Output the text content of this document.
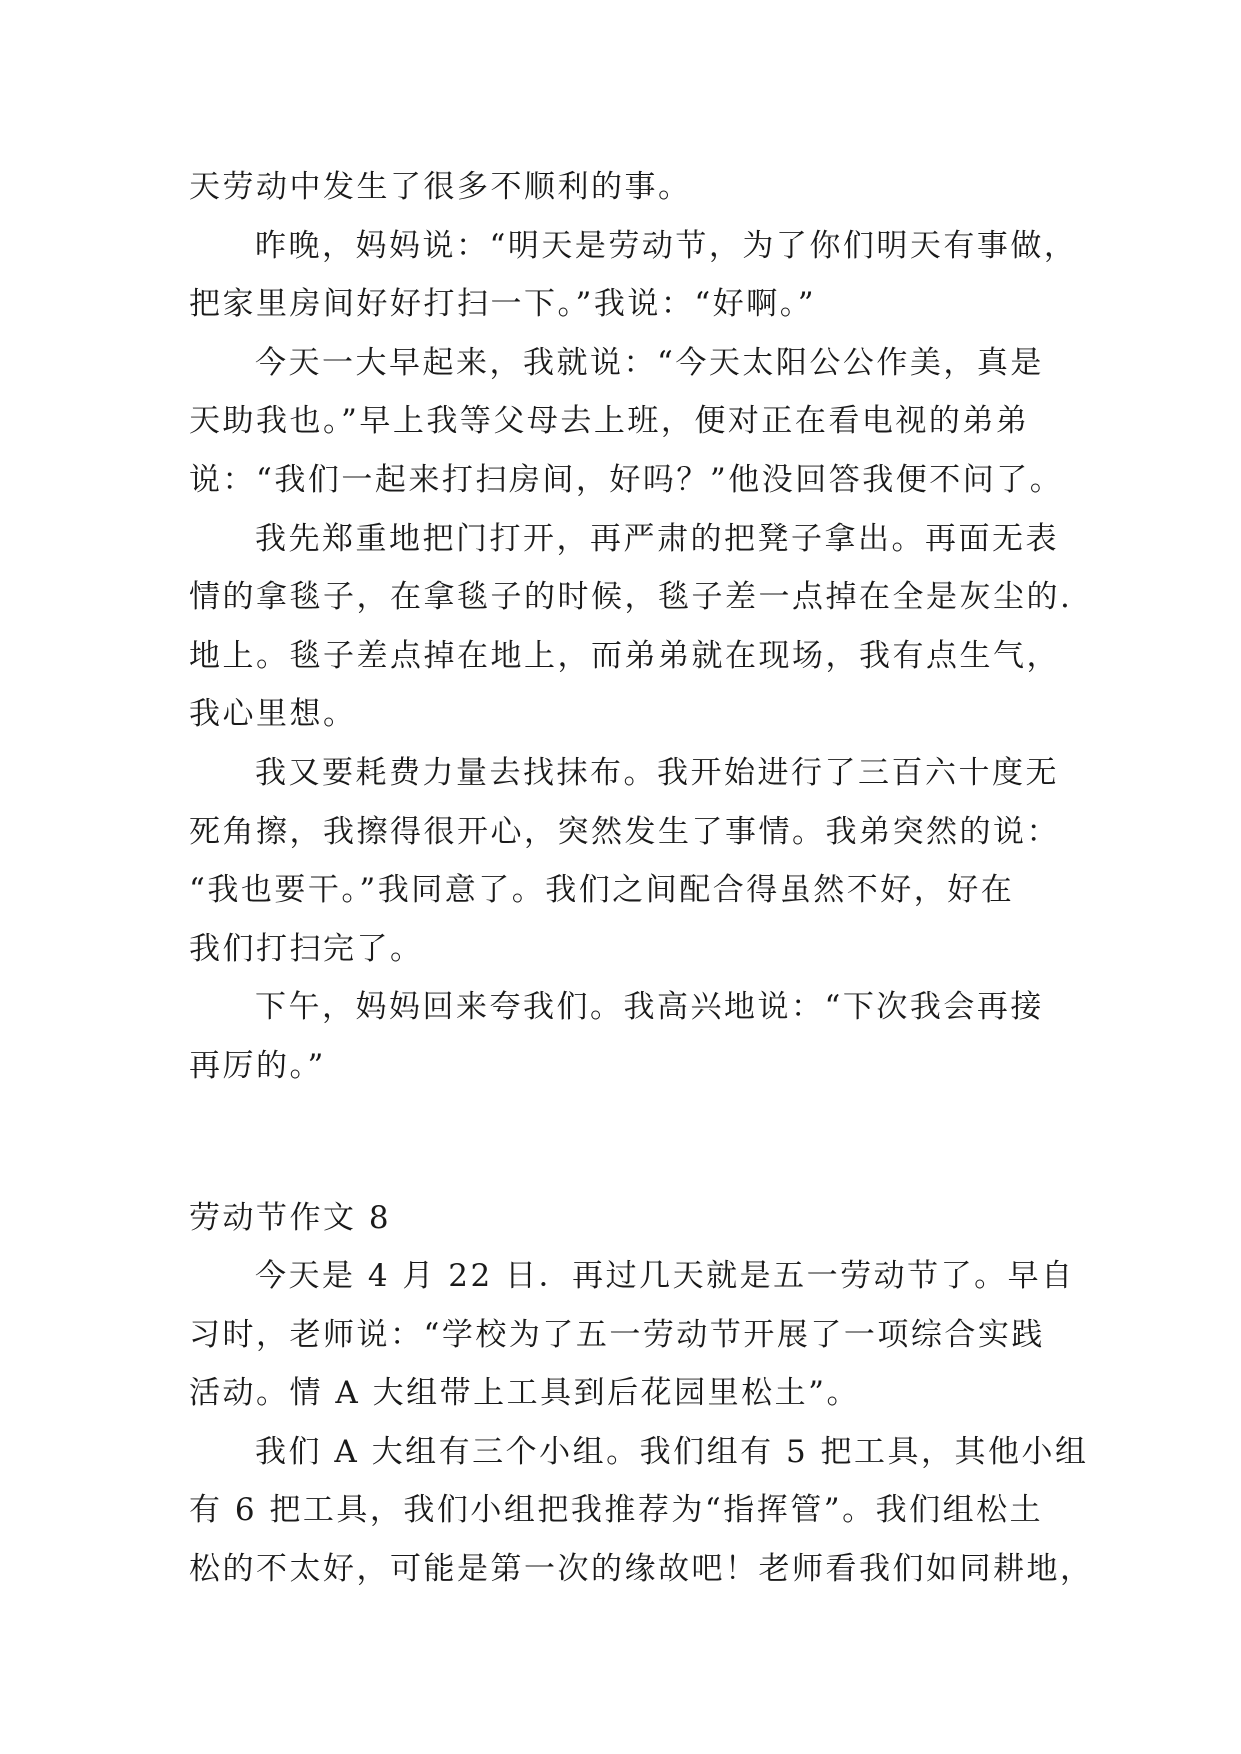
天劳动中发生了很多不顺利的事。
昨晚，妈妈说：“明天是劳动节，为了你们明天有事做，
把家里房间好好打扫一下。”我说：“好啊。”
今天一大早起来，我就说：“今天太阳公公作美，真是
天助我也。”早上我等父母去上班，便对正在看电视的弟弟
说：“我们一起来打扫房间，好吗？”他没回答我便不问了。
我先郑重地把门打开，再严肃的把凳子拿出。再面无表
情的拿毯子，在拿毯子的时候，毯子差一点掉在全是灰尘的.
地上。毯子差点掉在地上，而弟弟就在现场，我有点生气，
我心里想。
我又要耗费力量去找抹布。我开始进行了三百六十度无
死角擦，我擦得很开心，突然发生了事情。我弟突然的说：
“我也要干。”我同意了。我们之间配合得虽然不好，好在
我们打扫完了。
下午，妈妈回来夸我们。我高兴地说：“下次我会再接
再厉的。”
劳动节作文 8
今天是 4 月 22 日．再过几天就是五一劳动节了。早自
习时，老师说：“学校为了五一劳动节开展了一项综合实践
活动。情 A 大组带上工具到后花园里松土”。
我们 A 大组有三个小组。我们组有 5 把工具，其他小组
有 6 把工具，我们小组把我推荐为“指挥管”。我们组松土
松的不太好，可能是第一次的缘故吧！老师看我们如同耕地，
